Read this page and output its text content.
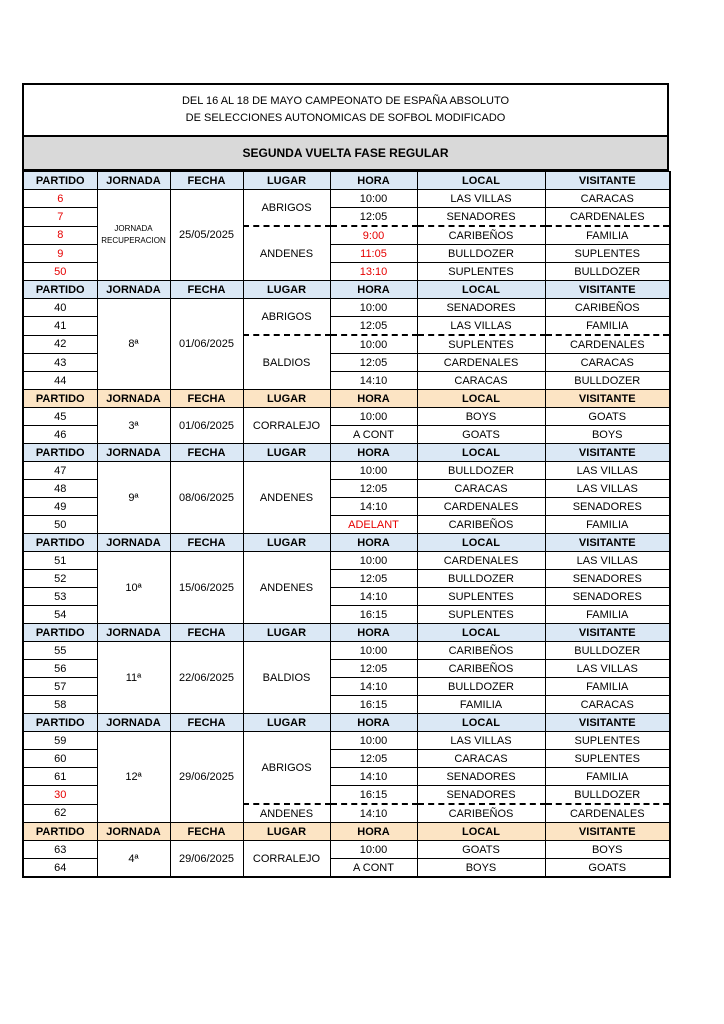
DEL 16 AL 18 DE MAYO CAMPEONATO DE ESPAÑA ABSOLUTO
DE SELECCIONES AUTONOMICAS DE SOFBOL MODIFICADO
SEGUNDA VUELTA FASE REGULAR
PARTIDO	JORNADA	FECHA	LUGAR	HORA	LOCAL	VISITANTE
6	JORNADA RECUPERACION	25/05/2025	ABRIGOS	10:00	LAS VILLAS	CARACAS
7				12:05	SENADORES	CARDENALES
8			ANDENES	9:00	CARIBEÑOS	FAMILIA
9				11:05	BULLDOZER	SUPLENTES
50				13:10	SUPLENTES	BULLDOZER
PARTIDO	JORNADA	FECHA	LUGAR	HORA	LOCAL	VISITANTE
40	8ª	01/06/2025	ABRIGOS	10:00	SENADORES	CARIBEÑOS
41				12:05	LAS VILLAS	FAMILIA
42			BALDIOS	10:00	SUPLENTES	CARDENALES
43				12:05	CARDENALES	CARACAS
44				14:10	CARACAS	BULLDOZER
PARTIDO	JORNADA	FECHA	LUGAR	HORA	LOCAL	VISITANTE
45	3ª	01/06/2025	CORRALEJO	10:00	BOYS	GOATS
46				A CONT	GOATS	BOYS
PARTIDO	JORNADA	FECHA	LUGAR	HORA	LOCAL	VISITANTE
47	9ª	08/06/2025	ANDENES	10:00	BULLDOZER	LAS VILLAS
48				12:05	CARACAS	LAS VILLAS
49				14:10	CARDENALES	SENADORES
50				ADELANT	CARIBEÑOS	FAMILIA
PARTIDO	JORNADA	FECHA	LUGAR	HORA	LOCAL	VISITANTE
51	10ª	15/06/2025	ANDENES	10:00	CARDENALES	LAS VILLAS
52				12:05	BULLDOZER	SENADORES
53				14:10	SUPLENTES	SENADORES
54				16:15	SUPLENTES	FAMILIA
PARTIDO	JORNADA	FECHA	LUGAR	HORA	LOCAL	VISITANTE
55	11ª	22/06/2025	BALDIOS	10:00	CARIBEÑOS	BULLDOZER
56				12:05	CARIBEÑOS	LAS VILLAS
57				14:10	BULLDOZER	FAMILIA
58				16:15	FAMILIA	CARACAS
PARTIDO	JORNADA	FECHA	LUGAR	HORA	LOCAL	VISITANTE
59	12ª	29/06/2025	ABRIGOS	10:00	LAS VILLAS	SUPLENTES
60				12:05	CARACAS	SUPLENTES
61				14:10	SENADORES	FAMILIA
30				16:15	SENADORES	BULLDOZER
62			ANDENES	14:10	CARIBEÑOS	CARDENALES
PARTIDO	JORNADA	FECHA	LUGAR	HORA	LOCAL	VISITANTE
63	4ª	29/06/2025	CORRALEJO	10:00	GOATS	BOYS
64				A CONT	BOYS	GOATS
